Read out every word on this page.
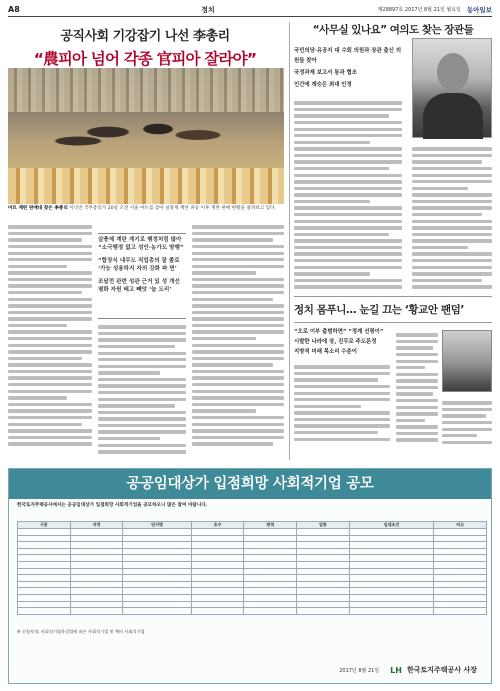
A8	정치	제28897호 2017년 8월 21일 월요일 동아일보
공직사회 기강잡기 나선 李총리
“農피아 넘어 각종 官피아 잘라야”
마트 계란 판매대 찾은 李총리 이낙연 국무총리가 20일 오전 서울 마트를 찾아 살충제 계란 파동 이후 계란 판매 현황을 살펴보고 있다.

살충제 계란 계기로 행정처럼 많아 “소극행정 없고 성인·농가도 방행”

“합장식 내무도 직업총의 잘 졸로 ‘가능 성용하지 자의 강화 파 면’

조달전 관련 성관 근거 있 성 개선 평화 자원 배고 빼앗 ‘늘 도리’

“사무실 있나요” 여의도 찾는 장관들

국민의당·유공지 대 수회 의원과 장관 출신 의원들 찾아

국정과제 보고서 통과 협조

인간에 계승은 최대 인정

정치 몸푸니… 눈길 끄는 ‘황교안 팬덤’

“오로 이부 출범하면” “정계 선령이”

시발한 나라에 장, 진무로 주도론정

지방적 미래 목소리 수준이

공공임대상가 입점희망 사회적기업 공모
한국토지주택공사에서는 공공임대상가 입점희망 사회적기업을 공모하오니 많은 참여 바랍니다.
구분	지역	단지명	호수	면적	업종	임대조건	비고

※ 신청자격: 사회적기업육성법에 따른 사회적기업 및 예비 사회적기업
2017년 8월 21일 LH 한국토지주택공사 사장
